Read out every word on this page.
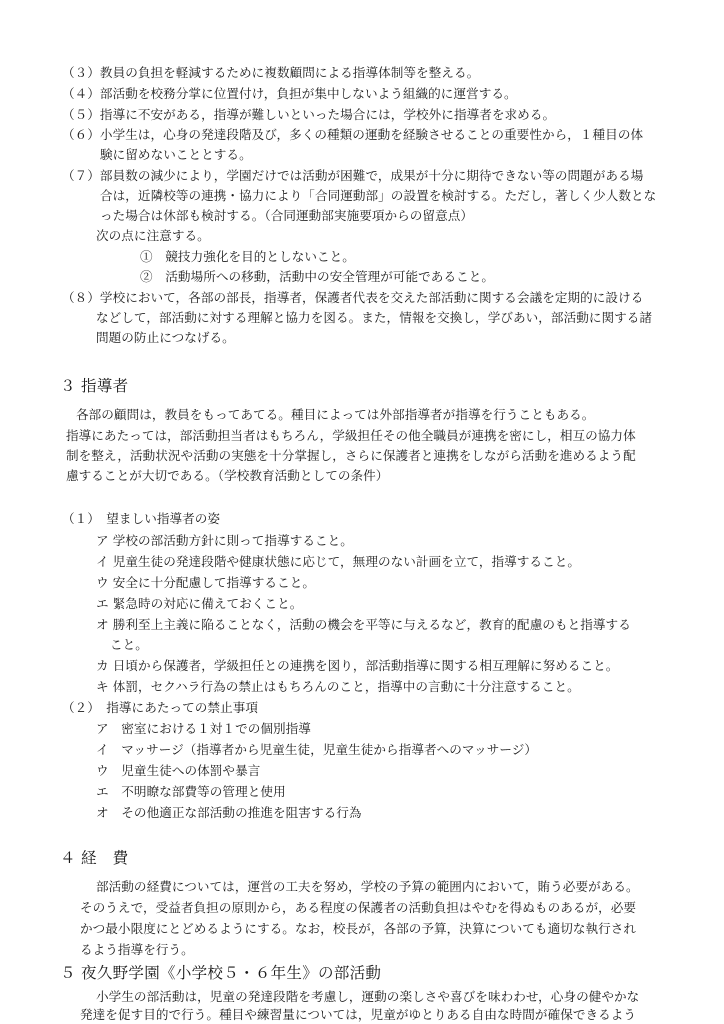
（３）教員の負担を軽減するために複数顧問による指導体制等を整える。
（４）部活動を校務分掌に位置付け，負担が集中しないよう組織的に運営する。
（５）指導に不安がある，指導が難しいといった場合には，学校外に指導者を求める。
（６）小学生は，心身の発達段階及び，多くの種類の運動を経験させることの重要性から，１種目の体
験に留めないこととする。
（７）部員数の減少により，学園だけでは活動が困難で，成果が十分に期待できない等の問題がある場
合は，近隣校等の連携・協力により「合同運動部」の設置を検討する。ただし，著しく少人数とな
った場合は休部も検討する。（合同運動部実施要項からの留意点）
次の点に注意する。
①　競技力強化を目的としないこと。
②　活動場所への移動，活動中の安全管理が可能であること。
（８）学校において，各部の部長，指導者，保護者代表を交えた部活動に関する会議を定期的に設ける
などして，部活動に対する理解と協力を図る。また，情報を交換し，学びあい，部活動に関する諸
問題の防止につなげる。
３ 指導者
各部の顧問は，教員をもってあてる。種目によっては外部指導者が指導を行うこともある。
指導にあたっては，部活動担当者はもちろん，学級担任その他全職員が連携を密にし，相互の協力体
制を整え，活動状況や活動の実態を十分掌握し，さらに保護者と連携をしながら活動を進めるよう配
慮することが大切である。（学校教育活動としての条件）
（１）　望ましい指導者の姿
ア 学校の部活動方針に則って指導すること。
イ 児童生徒の発達段階や健康状態に応じて，無理のない計画を立て，指導すること。
ウ 安全に十分配慮して指導すること。
エ 緊急時の対応に備えておくこと。
オ 勝利至上主義に陥ることなく，活動の機会を平等に与えるなど，教育的配慮のもと指導する
こと。
カ 日頃から保護者，学級担任との連携を図り，部活動指導に関する相互理解に努めること。
キ 体罰，セクハラ行為の禁止はもちろんのこと，指導中の言動に十分注意すること。
（２）　指導にあたっての禁止事項
ア　密室における１対１での個別指導
イ　マッサージ（指導者から児童生徒，児童生徒から指導者へのマッサージ）
ウ　児童生徒への体罰や暴言
エ　不明瞭な部費等の管理と使用
オ　その他適正な部活動の推進を阻害する行為
４ 経　費
部活動の経費については，運営の工夫を努め，学校の予算の範囲内において，賄う必要がある。
そのうえで，受益者負担の原則から，ある程度の保護者の活動負担はやむを得ぬものあるが，必要
かつ最小限度にとどめるようにする。なお，校長が，各部の予算，決算についても適切な執行され
るよう指導を行う。
５ 夜久野学園《小学校５・６年生》の部活動
小学生の部活動は，児童の発達段階を考慮し，運動の楽しさや喜びを味わわせ，心身の健やかな
発達を促す目的で行う。種目や練習量については，児童がゆとりある自由な時間が確保できるよう
